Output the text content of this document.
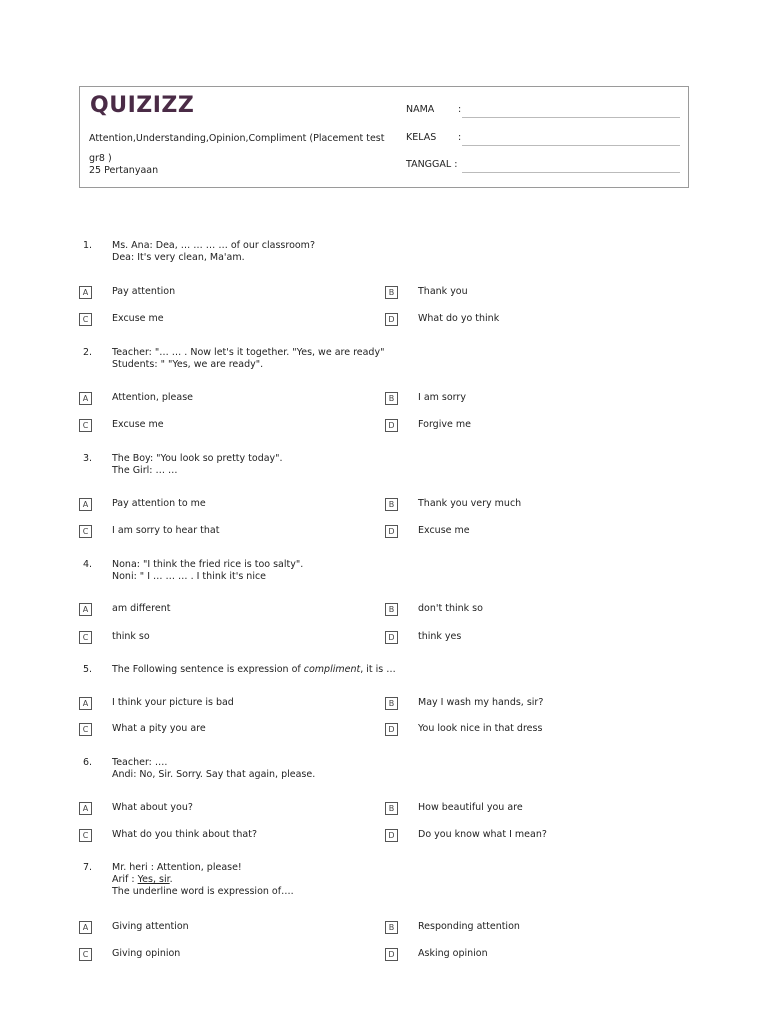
QUIZIZZ
Attention,Understanding,Opinion,Compliment (Placement test gr8 )
25 Pertanyaan
NAMA	:
KELAS	:
TANGGAL :
1. Ms. Ana: Dea, … … … … of our classroom?
Dea: It's very clean, Ma'am.
A	Pay attention	B	Thank you
C	Excuse me	D	What do yo think
2. Teacher: "… … . Now let's it together. "Yes, we are ready"
Students: " "Yes, we are ready".
A	Attention, please	B	I am sorry
C	Excuse me	D	Forgive me
3. The Boy: "You look so pretty today".
The Girl: … …
A	Pay attention to me	B	Thank you very much
C	I am sorry to hear that	D	Excuse me
4. Nona: "I think the fried rice is too salty".
Noni: " I … … … . I think it's nice
A	am different	B	don't think so
C	think so	D	think yes
5. The Following sentence is expression of compliment, it is …
A	I think your picture is bad	B	May I wash my hands, sir?
C	What a pity you are	D	You look nice in that dress
6. Teacher: ….
Andi: No, Sir. Sorry. Say that again, please.
A	What about you?	B	How beautiful you are
C	What do you think about that?	D	Do you know what I mean?
7. Mr. heri : Attention, please!
Arif : Yes, sir.
The underline word is expression of….
A	Giving attention	B	Responding attention
C	Giving opinion	D	Asking opinion
